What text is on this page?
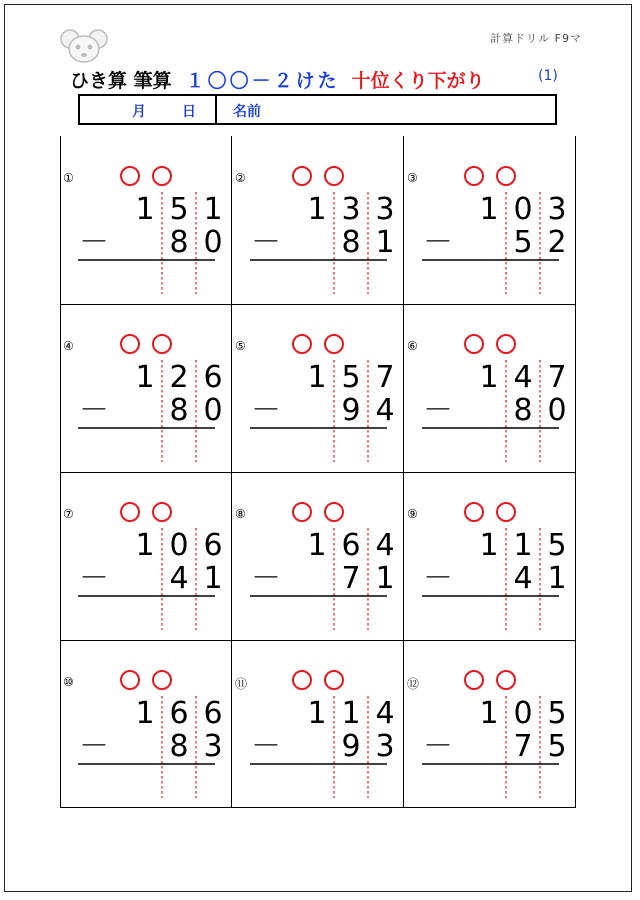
計算ドリル F9マ
ひき算 筆算 １〇〇－２けた 十位くり下がり	(1)
月	日	名前
①
1 5 1
－ 8 0
②
1 3 3
－ 8 1
③
1 0 3
－ 5 2
④
1 2 6
－ 8 0
⑤
1 5 7
－ 9 4
⑥
1 4 7
－ 8 0
⑦
1 0 6
－ 4 1
⑧
1 6 4
－ 7 1
⑨
1 1 5
－ 4 1
⑩
1 6 6
－ 8 3
⑪
1 1 4
－ 9 3
⑫
1 0 5
－ 7 5
